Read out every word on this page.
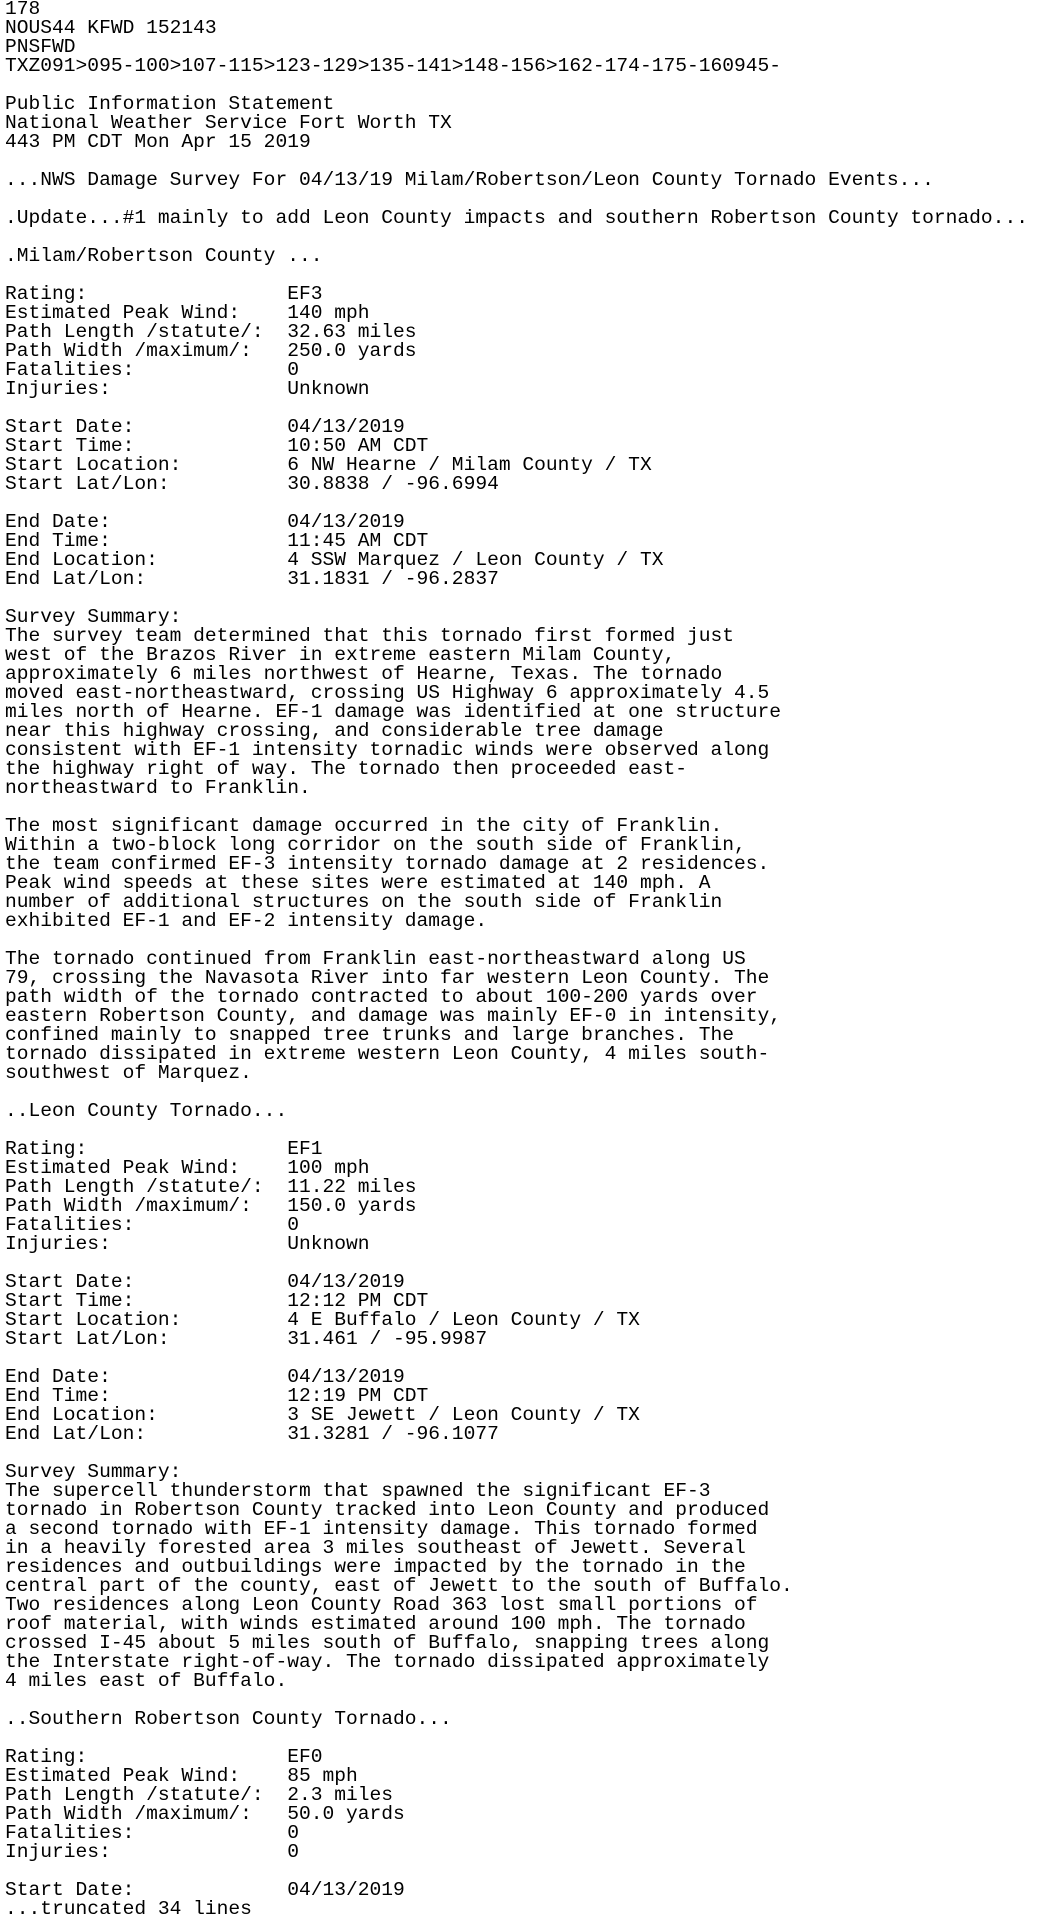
178
NOUS44 KFWD 152143
PNSFWD
TXZ091>095-100>107-115>123-129>135-141>148-156>162-174-175-160945-
Public Information Statement
National Weather Service Fort Worth TX
443 PM CDT Mon Apr 15 2019
...NWS Damage Survey For 04/13/19 Milam/Robertson/Leon County Tornado Events...
.Update...#1 mainly to add Leon County impacts and southern Robertson County tornado...
.Milam/Robertson County ...
Rating:                 EF3
Estimated Peak Wind:    140 mph
Path Length /statute/:  32.63 miles
Path Width /maximum/:   250.0 yards
Fatalities:             0
Injuries:               Unknown
Start Date:             04/13/2019
Start Time:             10:50 AM CDT
Start Location:         6 NW Hearne / Milam County / TX
Start Lat/Lon:          30.8838 / -96.6994
End Date:               04/13/2019
End Time:               11:45 AM CDT
End Location:           4 SSW Marquez / Leon County / TX
End Lat/Lon:            31.1831 / -96.2837
Survey Summary:
The survey team determined that this tornado first formed just
west of the Brazos River in extreme eastern Milam County,
approximately 6 miles northwest of Hearne, Texas. The tornado
moved east-northeastward, crossing US Highway 6 approximately 4.5
miles north of Hearne. EF-1 damage was identified at one structure
near this highway crossing, and considerable tree damage
consistent with EF-1 intensity tornadic winds were observed along
the highway right of way. The tornado then proceeded east-
northeastward to Franklin.
The most significant damage occurred in the city of Franklin.
Within a two-block long corridor on the south side of Franklin,
the team confirmed EF-3 intensity tornado damage at 2 residences.
Peak wind speeds at these sites were estimated at 140 mph. A
number of additional structures on the south side of Franklin
exhibited EF-1 and EF-2 intensity damage.
The tornado continued from Franklin east-northeastward along US
79, crossing the Navasota River into far western Leon County. The
path width of the tornado contracted to about 100-200 yards over
eastern Robertson County, and damage was mainly EF-0 in intensity,
confined mainly to snapped tree trunks and large branches. The
tornado dissipated in extreme western Leon County, 4 miles south-
southwest of Marquez.
..Leon County Tornado...
Rating:                 EF1
Estimated Peak Wind:    100 mph
Path Length /statute/:  11.22 miles
Path Width /maximum/:   150.0 yards
Fatalities:             0
Injuries:               Unknown
Start Date:             04/13/2019
Start Time:             12:12 PM CDT
Start Location:         4 E Buffalo / Leon County / TX
Start Lat/Lon:          31.461 / -95.9987
End Date:               04/13/2019
End Time:               12:19 PM CDT
End Location:           3 SE Jewett / Leon County / TX
End Lat/Lon:            31.3281 / -96.1077
Survey Summary:
The supercell thunderstorm that spawned the significant EF-3
tornado in Robertson County tracked into Leon County and produced
a second tornado with EF-1 intensity damage. This tornado formed
in a heavily forested area 3 miles southeast of Jewett. Several
residences and outbuildings were impacted by the tornado in the
central part of the county, east of Jewett to the south of Buffalo.
Two residences along Leon County Road 363 lost small portions of
roof material, with winds estimated around 100 mph. The tornado
crossed I-45 about 5 miles south of Buffalo, snapping trees along
the Interstate right-of-way. The tornado dissipated approximately
4 miles east of Buffalo.
..Southern Robertson County Tornado...
Rating:                 EF0
Estimated Peak Wind:    85 mph
Path Length /statute/:  2.3 miles
Path Width /maximum/:   50.0 yards
Fatalities:             0
Injuries:               0
Start Date:             04/13/2019
...truncated 34 lines
